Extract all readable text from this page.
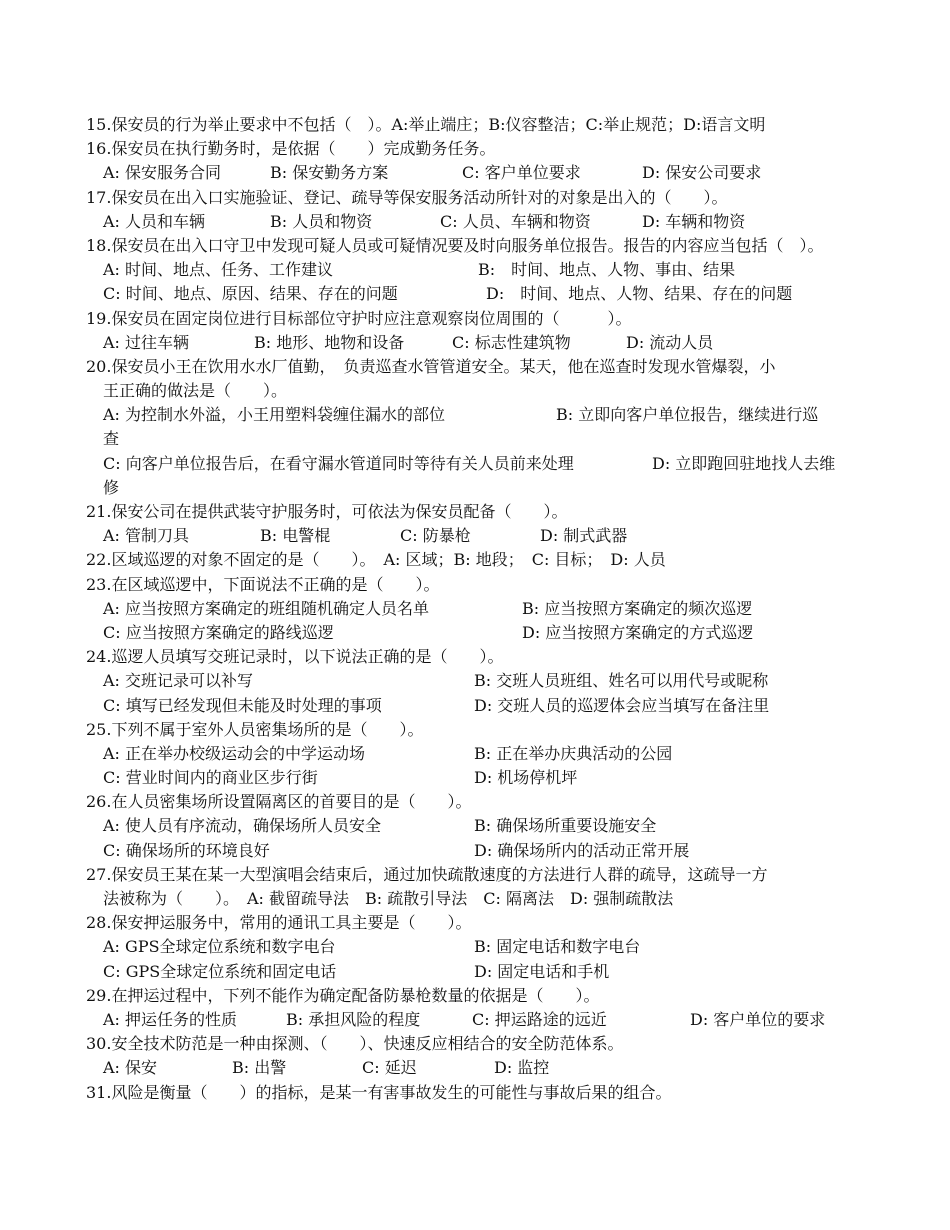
15.保安员的行为举止要求中不包括（　）。A:举止端庄；B:仪容整洁；C:举止规范；D:语言文明
16.保安员在执行勤务时，是依据（　　）完成勤务任务。
A: 保安服务合同	B: 保安勤务方案	C: 客户单位要求	D: 保安公司要求
17.保安员在出入口实施验证、登记、疏导等保安服务活动所针对的对象是出入的（　　）。
A: 人员和车辆	B: 人员和物资	C: 人员、车辆和物资	D: 车辆和物资
18.保安员在出入口守卫中发现可疑人员或可疑情况要及时向服务单位报告。报告的内容应当包括（　）。
A: 时间、地点、任务、工作建议	B:　时间、地点、人物、事由、结果
C: 时间、地点、原因、结果、存在的问题	D:　时间、地点、人物、结果、存在的问题
19.保安员在固定岗位进行目标部位守护时应注意观察岗位周围的（　　　）。
A: 过往车辆	B: 地形、地物和设备	C: 标志性建筑物	D: 流动人员
20.保安员小王在饮用水水厂值勤，　负责巡查水管管道安全。某天，他在巡查时发现水管爆裂，小
王正确的做法是（　　）。
A: 为控制水外溢，小王用塑料袋缠住漏水的部位	B: 立即向客户单位报告，继续进行巡
查
C: 向客户单位报告后，在看守漏水管道同时等待有关人员前来处理	D: 立即跑回驻地找人去维
修
21.保安公司在提供武装守护服务时，可依法为保安员配备（　　）。
A: 管制刀具	B: 电警棍	C: 防暴枪	D: 制式武器
22.区域巡逻的对象不固定的是（　　）。　A: 区域；B: 地段；　C: 目标；　D: 人员
23.在区域巡逻中，下面说法不正确的是（　　）。
A: 应当按照方案确定的班组随机确定人员名单	B: 应当按照方案确定的频次巡逻
C: 应当按照方案确定的路线巡逻	D: 应当按照方案确定的方式巡逻
24.巡逻人员填写交班记录时，以下说法正确的是（　　）。
A: 交班记录可以补写	B: 交班人员班组、姓名可以用代号或昵称
C: 填写已经发现但未能及时处理的事项	D: 交班人员的巡逻体会应当填写在备注里
25.下列不属于室外人员密集场所的是（　　）。
A: 正在举办校级运动会的中学运动场	B: 正在举办庆典活动的公园
C: 营业时间内的商业区步行街	D: 机场停机坪
26.在人员密集场所设置隔离区的首要目的是（　　）。
A: 使人员有序流动，确保场所人员安全	B: 确保场所重要设施安全
C: 确保场所的环境良好	D: 确保场所内的活动正常开展
27.保安员王某在某一大型演唱会结束后，通过加快疏散速度的方法进行人群的疏导，这疏导一方
法被称为（　　）。　A: 截留疏导法　B: 疏散引导法　C: 隔离法　D: 强制疏散法
28.保安押运服务中，常用的通讯工具主要是（　　）。
A: GPS全球定位系统和数字电台	B: 固定电话和数字电台
C: GPS全球定位系统和固定电话	D: 固定电话和手机
29.在押运过程中，下列不能作为确定配备防暴枪数量的依据是（　　）。
A: 押运任务的性质	B: 承担风险的程度	C: 押运路途的远近	D: 客户单位的要求
30.安全技术防范是一种由探测、（　　）、快速反应相结合的安全防范体系。
A: 保安	B: 出警	C: 延迟	D: 监控
31.风险是衡量（　　）的指标，是某一有害事故发生的可能性与事故后果的组合。
